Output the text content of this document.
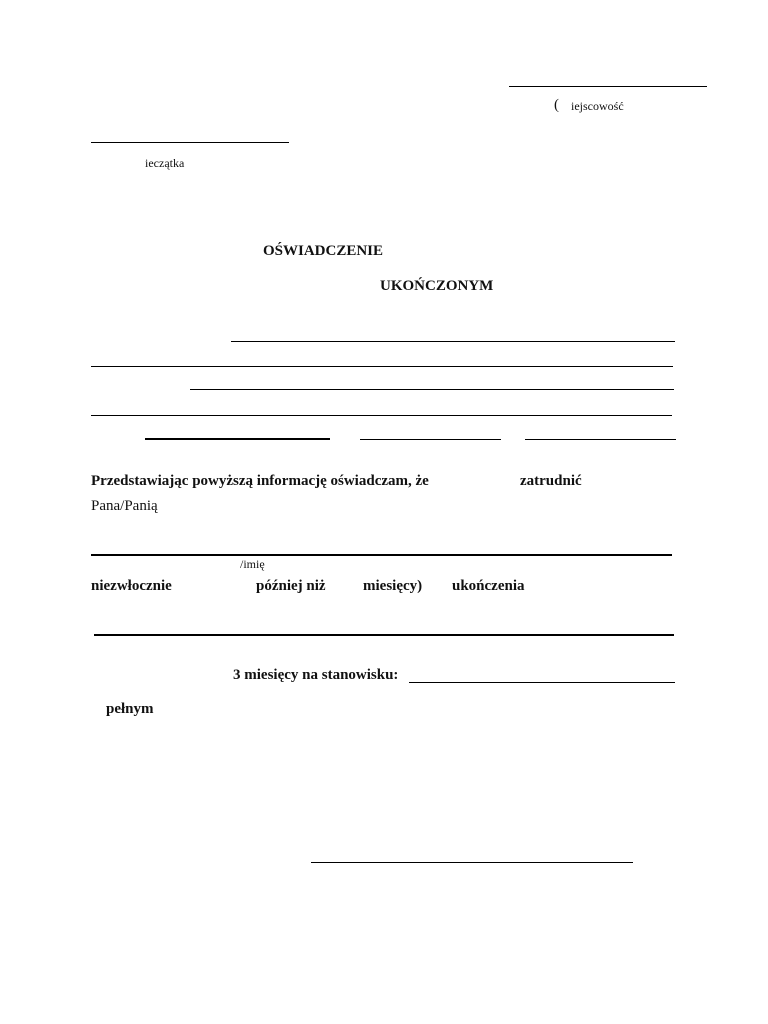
( iejscowość
ieczątka
OŚWIADCZENIE
UKOŃCZONYM
Przedstawiając powyższą informację oświadczam, że	zatrudnić
Pana/Panią
/imię
niezwłocznie	później niż miesięcy) ukończenia
3 miesięcy na stanowisku:
pełnym
